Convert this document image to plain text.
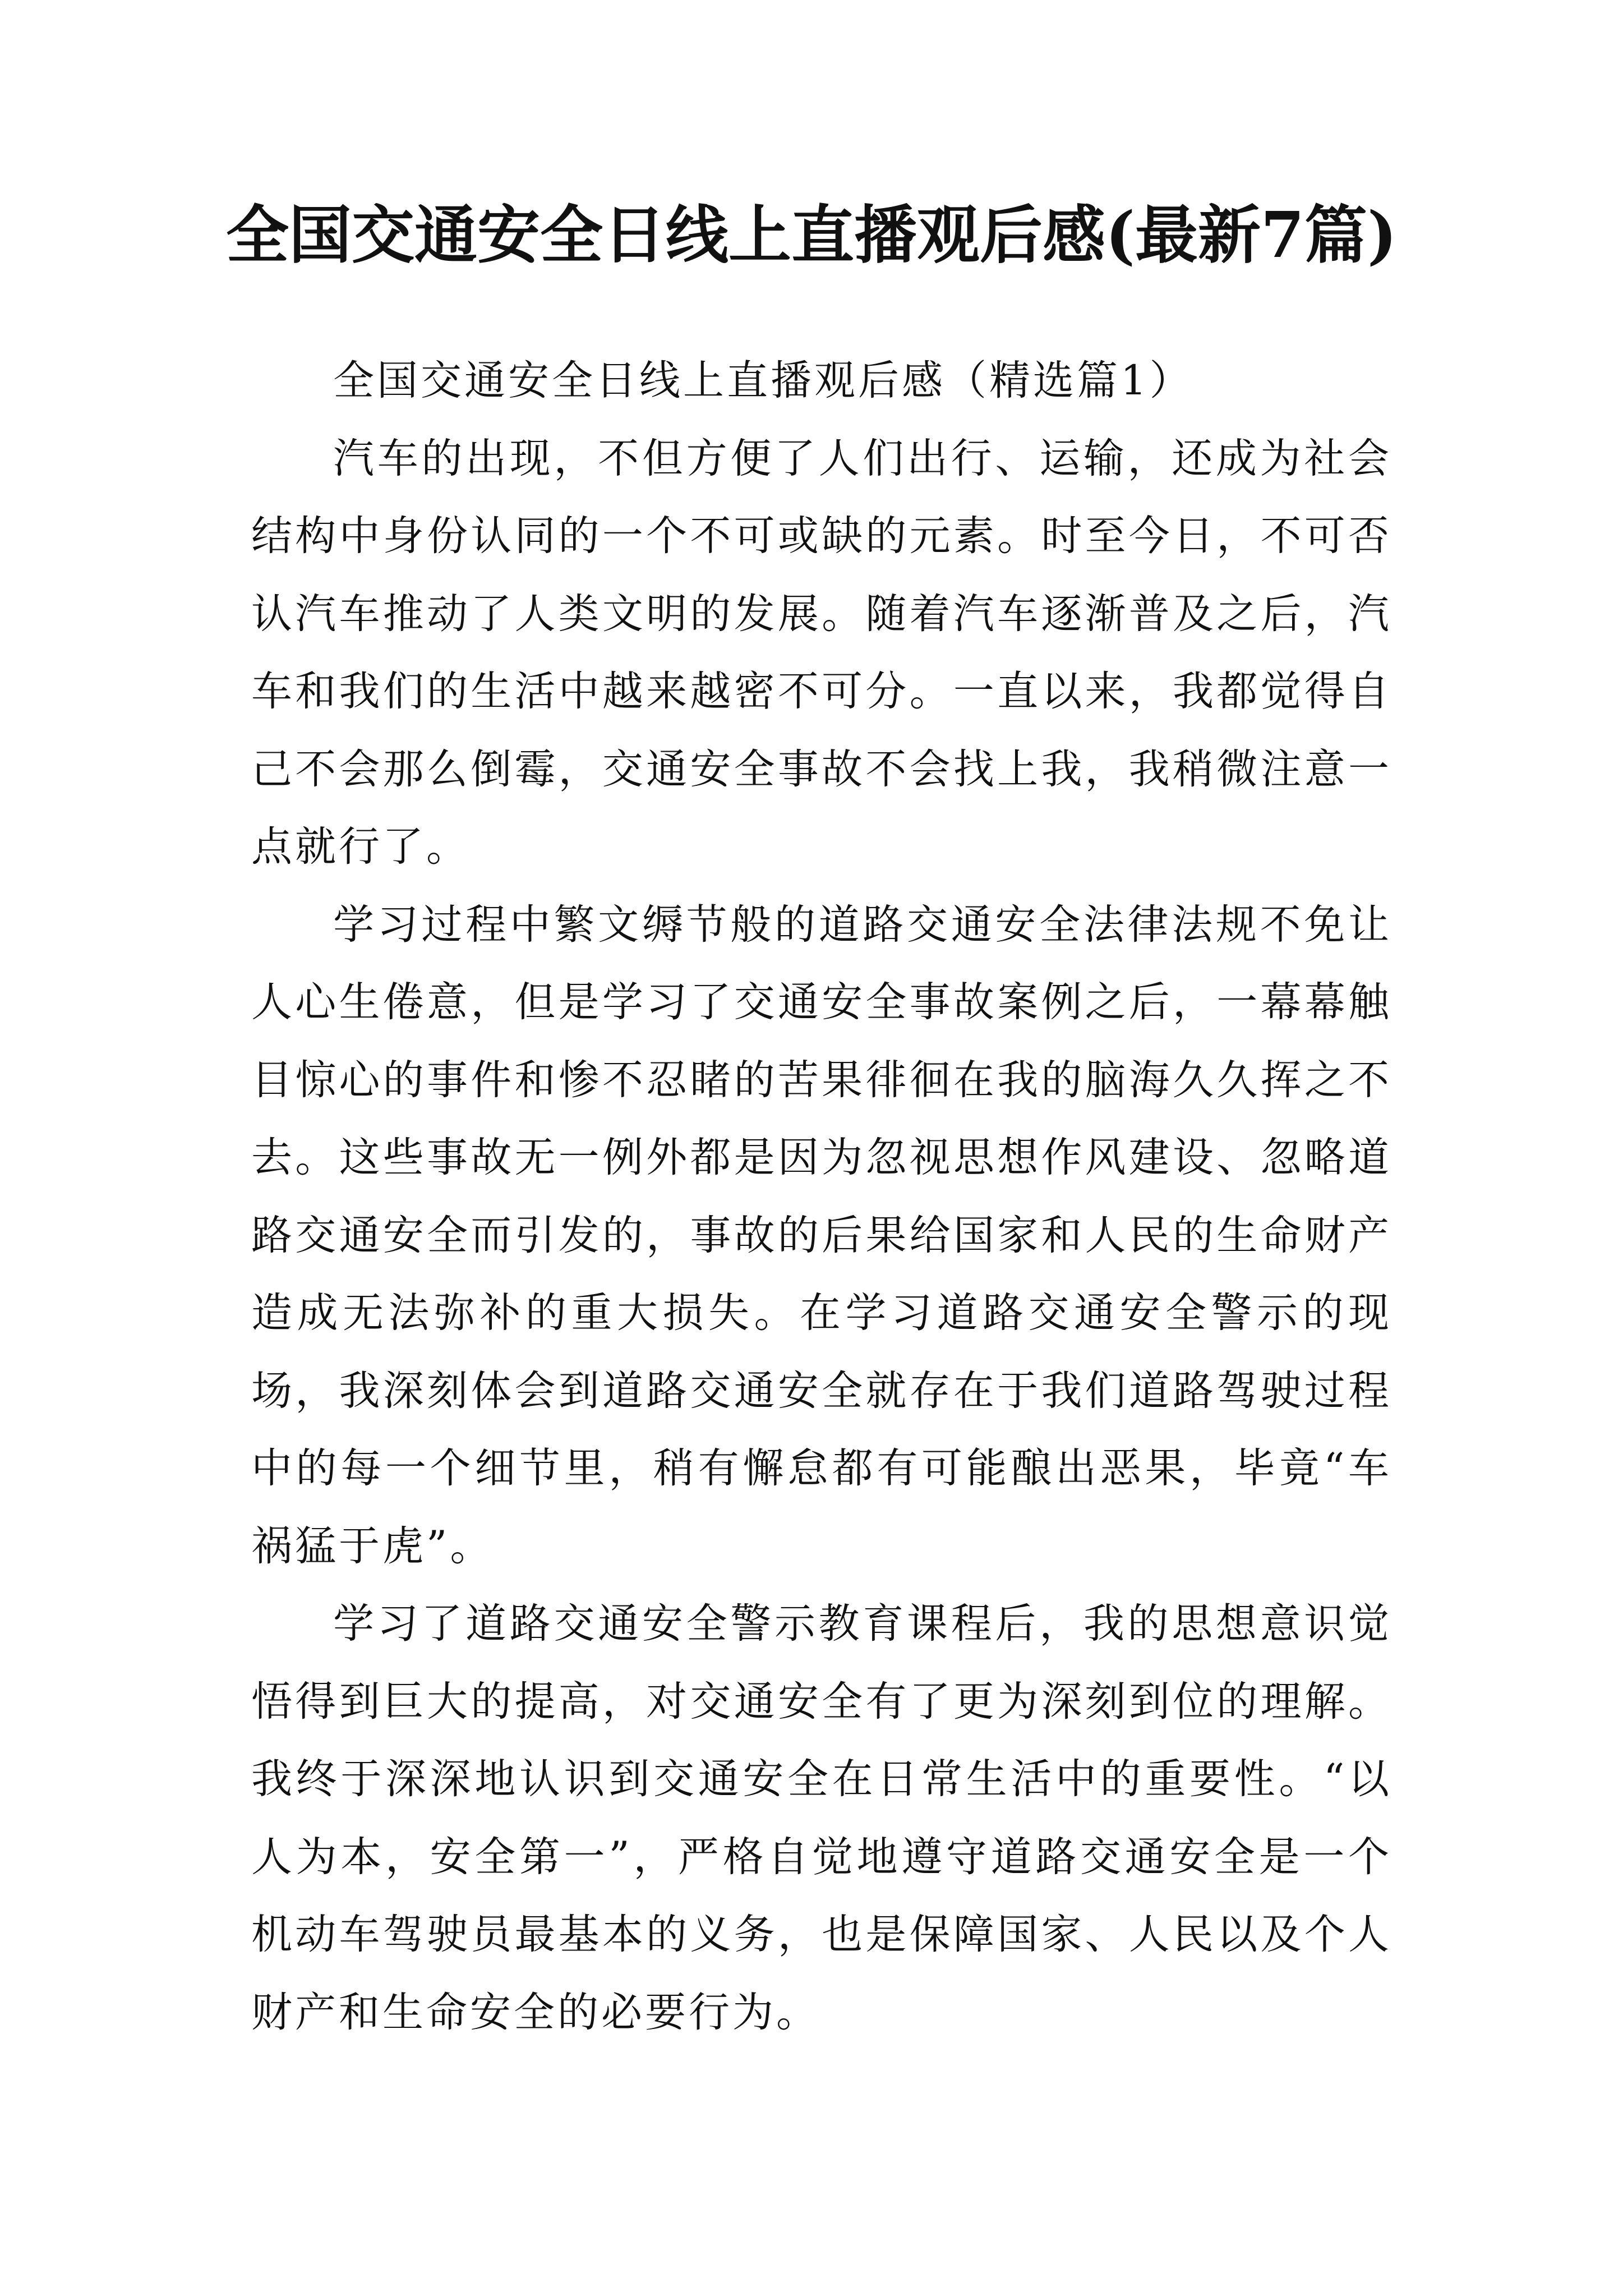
全国交通安全日线上直播观后感(最新7篇)

全国交通安全日线上直播观后感（精选篇1）

汽车的出现，不但方便了人们出行、运输，还成为社会结构中身份认同的一个不可或缺的元素。时至今日，不可否认汽车推动了人类文明的发展。随着汽车逐渐普及之后，汽车和我们的生活中越来越密不可分。一直以来，我都觉得自己不会那么倒霉，交通安全事故不会找上我，我稍微注意一点就行了。

学习过程中繁文缛节般的道路交通安全法律法规不免让人心生倦意，但是学习了交通安全事故案例之后，一幕幕触目惊心的事件和惨不忍睹的苦果徘徊在我的脑海久久挥之不去。这些事故无一例外都是因为忽视思想作风建设、忽略道路交通安全而引发的，事故的后果给国家和人民的生命财产造成无法弥补的重大损失。在学习道路交通安全警示的现场，我深刻体会到道路交通安全就存在于我们道路驾驶过程中的每一个细节里，稍有懈怠都有可能酿出恶果，毕竟“车祸猛于虎”。

学习了道路交通安全警示教育课程后，我的思想意识觉悟得到巨大的提高，对交通安全有了更为深刻到位的理解。我终于深深地认识到交通安全在日常生活中的重要性。“以人为本，安全第一”，严格自觉地遵守道路交通安全是一个机动车驾驶员最基本的义务，也是保障国家、人民以及个人财产和生命安全的必要行为。
